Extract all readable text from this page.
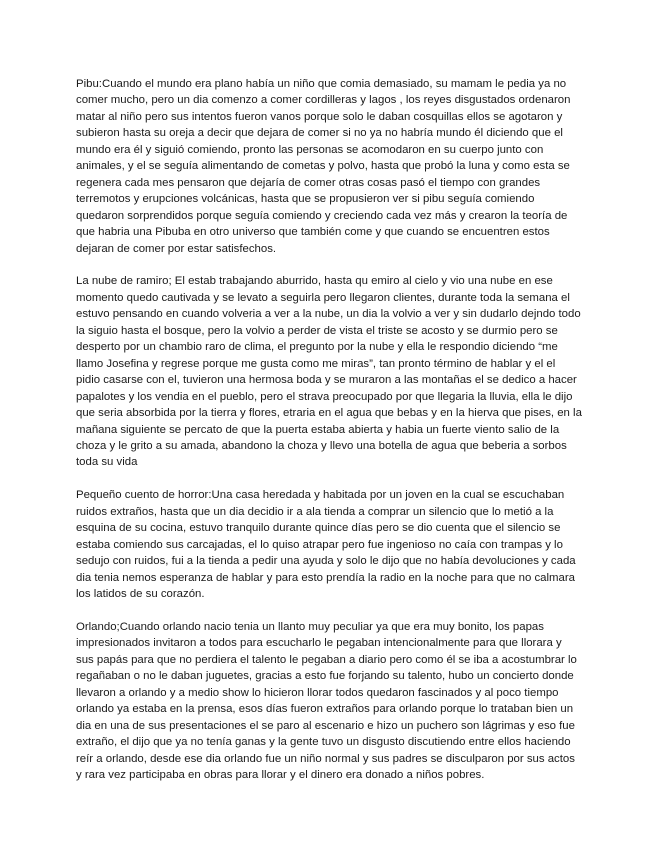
Pibu:Cuando el mundo era plano había un niño que comia demasiado, su mamam le pedia ya no comer mucho, pero un dia comenzo a comer cordilleras y lagos , los reyes disgustados ordenaron matar al niño pero sus intentos fueron vanos porque solo le daban cosquillas ellos se agotaron y subieron hasta su oreja a decir que dejara de comer si no ya no habría mundo él diciendo que el mundo era él y siguió comiendo, pronto las personas se acomodaron en su cuerpo junto con animales, y el se seguía alimentando de cometas y polvo, hasta que probó la luna y como esta se regenera cada mes pensaron que dejaría de comer otras cosas pasó el tiempo con grandes terremotos y erupciones volcánicas, hasta que se propusieron ver si pibu seguía comiendo quedaron sorprendidos porque seguía comiendo y creciendo cada vez más y crearon la teoría de que habria una Pibuba en otro universo que también come y que cuando se encuentren estos dejaran de comer por estar satisfechos.

La nube de ramiro; El estab trabajando aburrido, hasta qu emiro al cielo y vio una nube en ese momento quedo cautivada y se levato a seguirla pero llegaron clientes, durante toda la semana el estuvo pensando en cuando volveria a ver a la nube, un dia la volvio a ver y sin dudarlo dejndo todo la siguio hasta el bosque, pero la volvio a perder de vista el triste se acosto y se durmio pero se desperto por un chambio raro de clima, el pregunto por la nube y ella le respondio diciendo “me llamo Josefina y regrese porque me gusta como me miras”, tan pronto término de hablar y el el pidio casarse con el, tuvieron una hermosa boda y se muraron a las montañas el se dedico a hacer papalotes y los vendia en el pueblo, pero el strava preocupado por que llegaria la lluvia, ella le dijo que seria absorbida por la tierra y flores, etraria en el agua que bebas y en la hierva que pises, en la mañana siguiente se percato de que la puerta estaba abierta y habia un fuerte viento salio de la choza y le grito a su amada, abandono la choza y llevo una botella de agua que beberia a sorbos toda su vida

Pequeño cuento de horror:Una casa heredada y habitada por un joven en la cual se escuchaban ruidos extraños, hasta que un dia decidio ir a ala tienda a comprar un silencio que lo metió a la esquina de su cocina, estuvo tranquilo durante quince días pero se dio cuenta que el silencio se estaba comiendo sus carcajadas, el lo quiso atrapar pero fue ingenioso no caía con trampas y lo sedujo con ruidos, fui a la tienda a pedir una ayuda y solo le dijo que no había devoluciones y cada dia tenia nemos esperanza de hablar y para esto prendía la radio en la noche para que no calmara los latidos de su corazón.

Orlando;Cuando orlando nacio tenia un llanto muy peculiar ya que era muy bonito, los papas impresionados invitaron a todos para escucharlo le pegaban intencionalmente para que llorara y sus papás para que no perdiera el talento le pegaban a diario pero como él se iba a acostumbrar lo regañaban o no le daban juguetes, gracias a esto fue forjando su talento, hubo un concierto donde llevaron a orlando y a medio show lo hicieron llorar todos quedaron fascinados y al poco tiempo orlando ya estaba en la prensa, esos días fueron extraños para orlando porque lo trataban bien un dia en una de sus presentaciones el se paro al escenario e hizo un puchero son lágrimas y eso fue extraño, el dijo que ya no tenía ganas y la gente tuvo un disgusto discutiendo entre ellos haciendo reír a orlando, desde ese dia orlando fue un niño normal y sus padres se disculparon por sus actos y rara vez participaba en obras para llorar y el dinero era donado a niños pobres.
